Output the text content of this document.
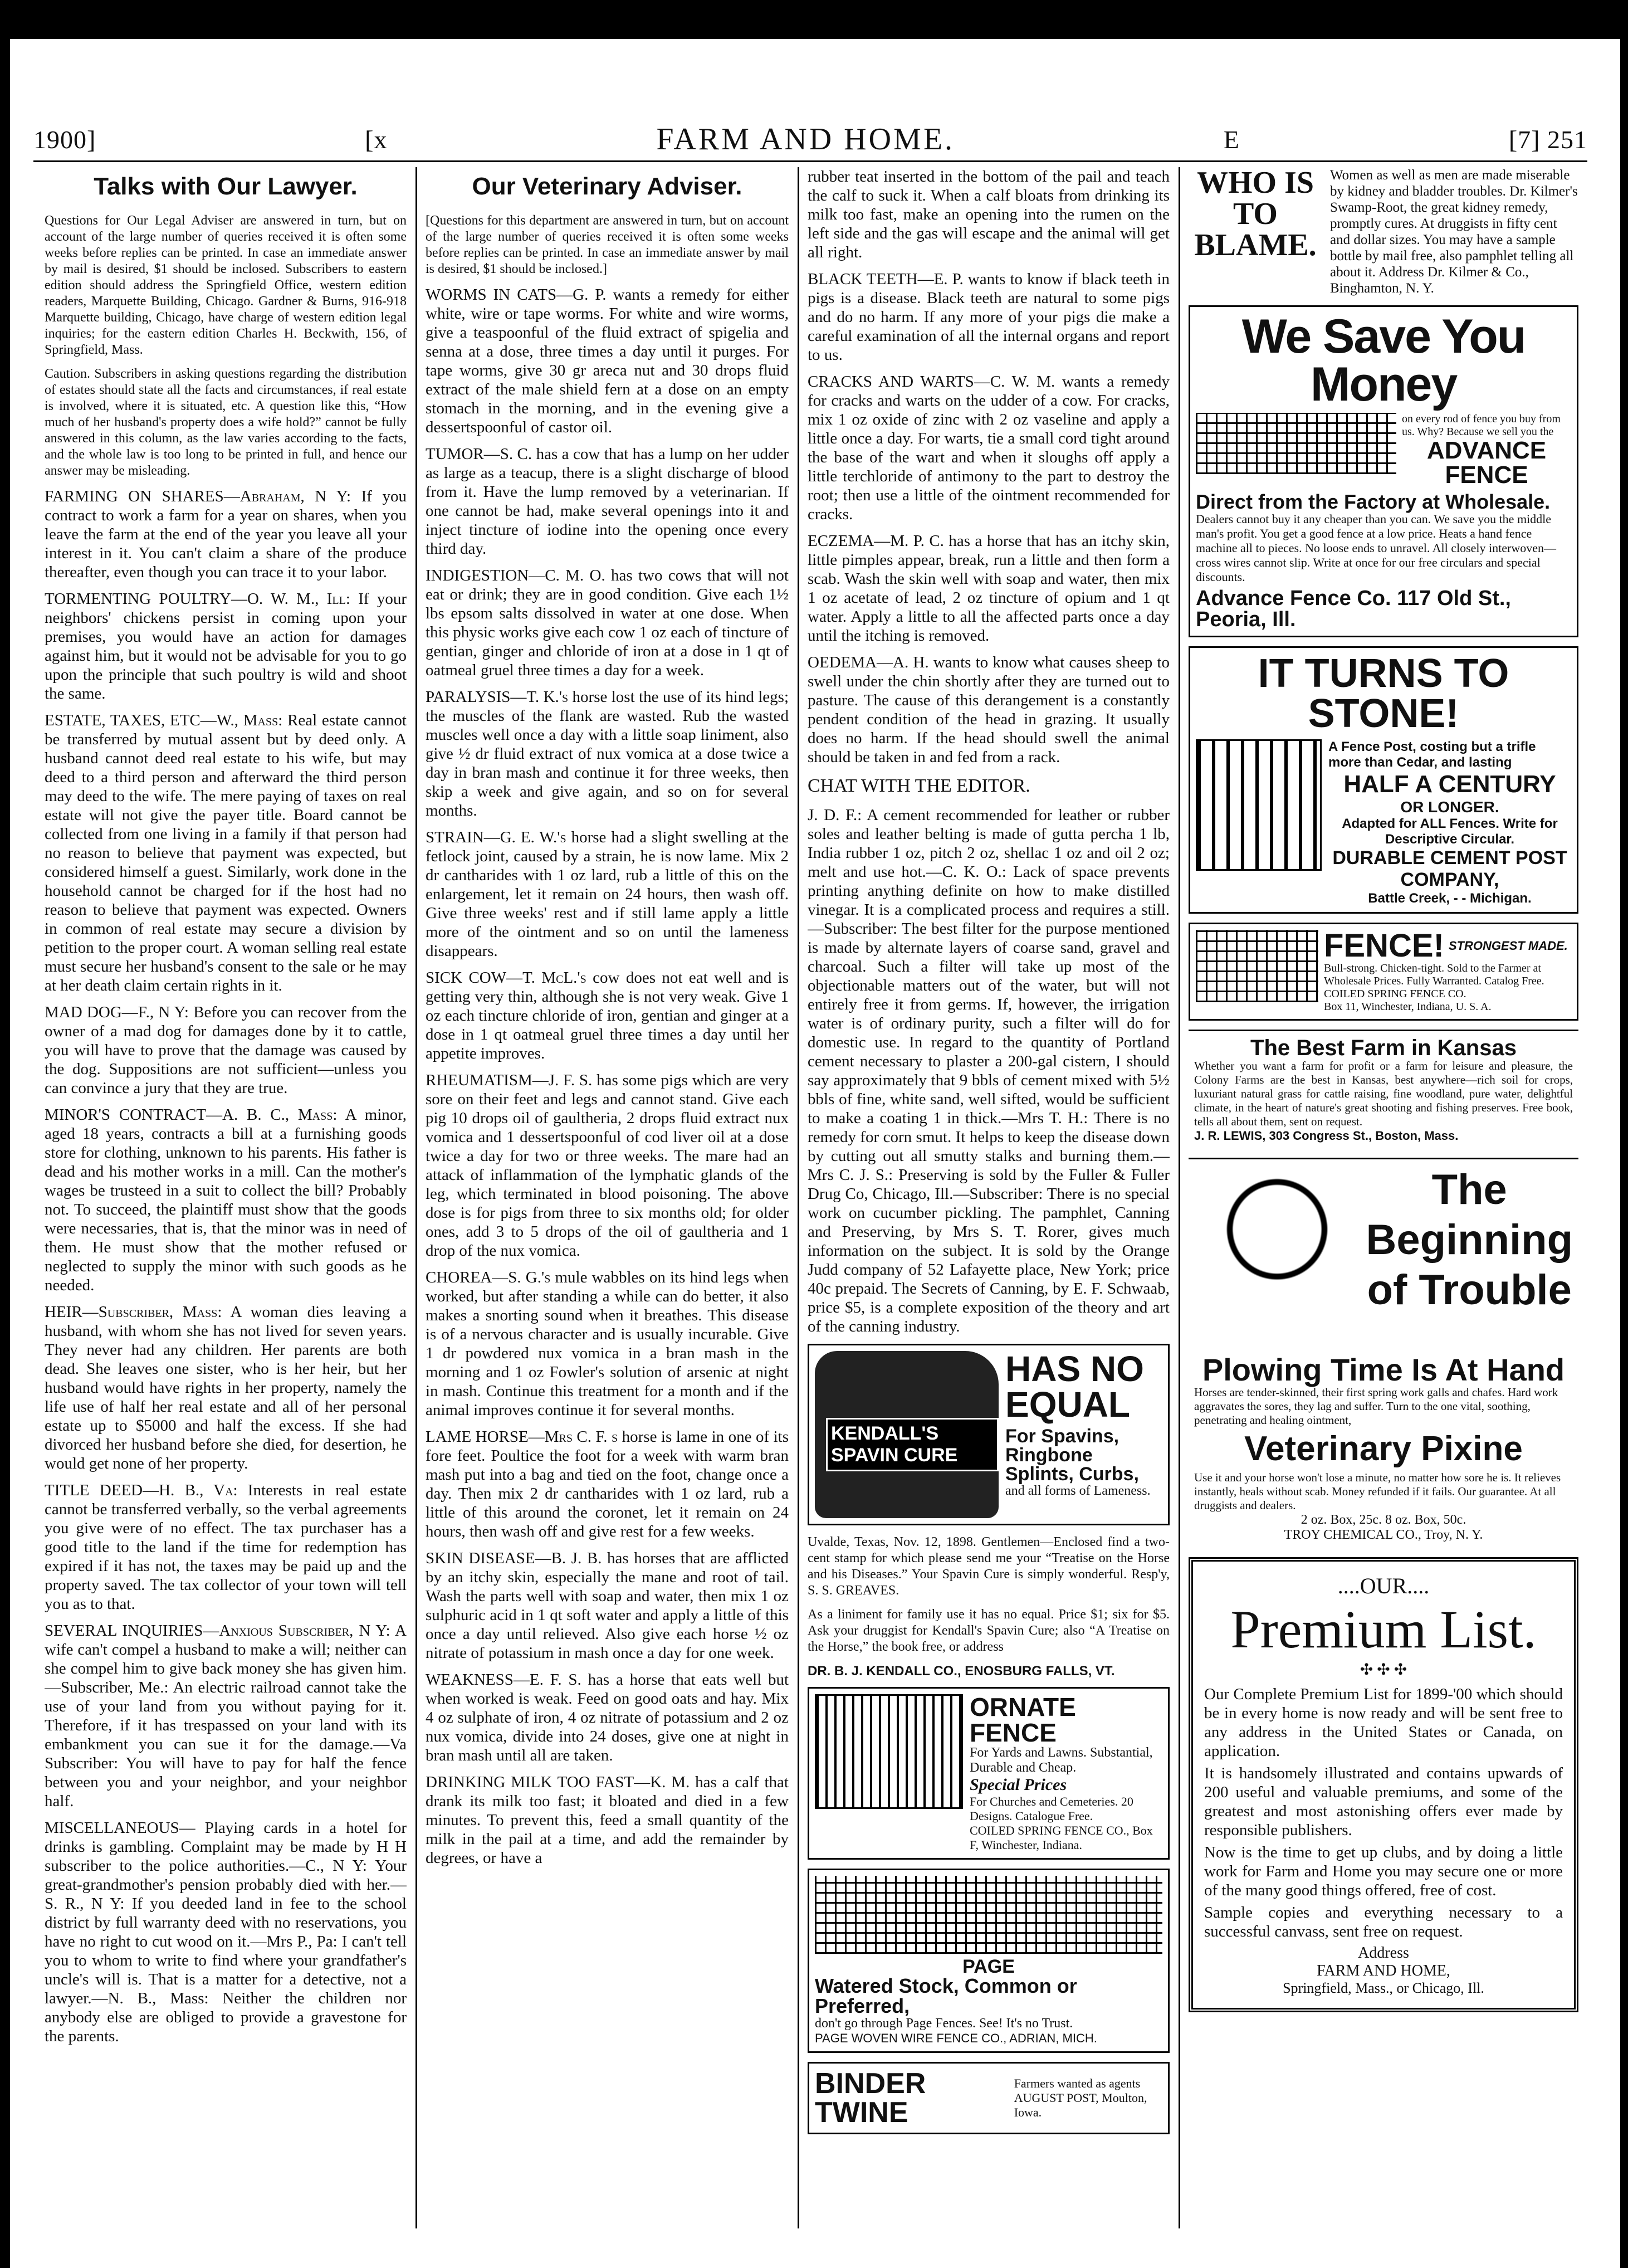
1900]	[x	FARM AND HOME.	E	[7] 251
Talks with Our Lawyer.

Questions for Our Legal Adviser are answered in turn, but on account of the large number of queries received it is often some weeks before replies can be printed. In case an immediate answer by mail is desired, $1 should be inclosed. Subscribers to eastern edition should address the Springfield Office, western edition readers, Marquette Building, Chicago. Gardner & Burns, 916-918 Marquette building, Chicago, have charge of western edition legal inquiries; for the eastern edition Charles H. Beckwith, 156, of Springfield, Mass.

Caution. Subscribers in asking questions regarding the distribution of estates should state all the facts and circumstances, if real estate is involved, where it is situated, etc. A question like this, “How much of her husband's property does a wife hold?” cannot be fully answered in this column, as the law varies according to the facts, and the whole law is too long to be printed in full, and hence our answer may be misleading.

FARMING ON SHARES—Abraham, N Y: If you contract to work a farm for a year on shares, when you leave the farm at the end of the year you leave all your interest in it. You can't claim a share of the produce thereafter, even though you can trace it to your labor.

TORMENTING POULTRY—O. W. M., Ill: If your neighbors' chickens persist in coming upon your premises, you would have an action for damages against him, but it would not be advisable for you to go upon the principle that such poultry is wild and shoot the same.

ESTATE, TAXES, ETC—W., Mass: Real estate cannot be transferred by mutual assent but by deed only. A husband cannot deed real estate to his wife, but may deed to a third person and afterward the third person may deed to the wife. The mere paying of taxes on real estate will not give the payer title. Board cannot be collected from one living in a family if that person had no reason to believe that payment was expected, but considered himself a guest. Similarly, work done in the household cannot be charged for if the host had no reason to believe that payment was expected. Owners in common of real estate may secure a division by petition to the proper court. A woman selling real estate must secure her husband's consent to the sale or he may at her death claim certain rights in it.

MAD DOG—F., N Y: Before you can recover from the owner of a mad dog for damages done by it to cattle, you will have to prove that the damage was caused by the dog. Suppositions are not sufficient—unless you can convince a jury that they are true.

MINOR'S CONTRACT—A. B. C., Mass: A minor, aged 18 years, contracts a bill at a furnishing goods store for clothing, unknown to his parents. His father is dead and his mother works in a mill. Can the mother's wages be trusteed in a suit to collect the bill? Probably not. To succeed, the plaintiff must show that the goods were necessaries, that is, that the minor was in need of them. He must show that the mother refused or neglected to supply the minor with such goods as he needed.

HEIR—Subscriber, Mass: A woman dies leaving a husband, with whom she has not lived for seven years. They never had any children. Her parents are both dead. She leaves one sister, who is her heir, but her husband would have rights in her property, namely the life use of half her real estate and all of her personal estate up to $5000 and half the excess. If she had divorced her husband before she died, for desertion, he would get none of her property.

TITLE DEED—H. B., Va: Interests in real estate cannot be transferred verbally, so the verbal agreements you give were of no effect. The tax purchaser has a good title to the land if the time for redemption has expired if it has not, the taxes may be paid up and the property saved. The tax collector of your town will tell you as to that.

SEVERAL INQUIRIES—Anxious Subscriber, N Y: A wife can't compel a husband to make a will; neither can she compel him to give back money she has given him.—Subscriber, Me.: An electric railroad cannot take the use of your land from you without paying for it. Therefore, if it has trespassed on your land with its embankment you can sue it for the damage.—Va Subscriber: You will have to pay for half the fence between you and your neighbor, and your neighbor half.

MISCELLANEOUS— Playing cards in a hotel for drinks is gambling. Complaint may be made by H H subscriber to the police authorities.—C., N Y: Your great-grandmother's pension probably died with her.—S. R., N Y: If you deeded land in fee to the school district by full warranty deed with no reservations, you have no right to cut wood on it.—Mrs P., Pa: I can't tell you to whom to write to find where your grandfather's uncle's will is. That is a matter for a detective, not a lawyer.—N. B., Mass: Neither the children nor anybody else are obliged to provide a gravestone for the parents.

Our Veterinary Adviser.

[Questions for this department are answered in turn, but on account of the large number of queries received it is often some weeks before replies can be printed. In case an immediate answer by mail is desired, $1 should be inclosed.]

WORMS IN CATS—G. P. wants a remedy for either white, wire or tape worms. For white and wire worms, give a teaspoonful of the fluid extract of spigelia and senna at a dose, three times a day until it purges. For tape worms, give 30 gr areca nut and 30 drops fluid extract of the male shield fern at a dose on an empty stomach in the morning, and in the evening give a dessertspoonful of castor oil.

TUMOR—S. C. has a cow that has a lump on her udder as large as a teacup, there is a slight discharge of blood from it. Have the lump removed by a veterinarian. If one cannot be had, make several openings into it and inject tincture of iodine into the opening once every third day.

INDIGESTION—C. M. O. has two cows that will not eat or drink; they are in good condition. Give each 1½ lbs epsom salts dissolved in water at one dose. When this physic works give each cow 1 oz each of tincture of gentian, ginger and chloride of iron at a dose in 1 qt of oatmeal gruel three times a day for a week.

PARALYSIS—T. K.'s horse lost the use of its hind legs; the muscles of the flank are wasted. Rub the wasted muscles well once a day with a little soap liniment, also give ½ dr fluid extract of nux vomica at a dose twice a day in bran mash and continue it for three weeks, then skip a week and give again, and so on for several months.

STRAIN—G. E. W.'s horse had a slight swelling at the fetlock joint, caused by a strain, he is now lame. Mix 2 dr cantharides with 1 oz lard, rub a little of this on the enlargement, let it remain on 24 hours, then wash off. Give three weeks' rest and if still lame apply a little more of the ointment and so on until the lameness disappears.

SICK COW—T. McL.'s cow does not eat well and is getting very thin, although she is not very weak. Give 1 oz each tincture chloride of iron, gentian and ginger at a dose in 1 qt oatmeal gruel three times a day until her appetite improves.

RHEUMATISM—J. F. S. has some pigs which are very sore on their feet and legs and cannot stand. Give each pig 10 drops oil of gaultheria, 2 drops fluid extract nux vomica and 1 dessertspoonful of cod liver oil at a dose twice a day for two or three weeks. The mare had an attack of inflammation of the lymphatic glands of the leg, which terminated in blood poisoning. The above dose is for pigs from three to six months old; for older ones, add 3 to 5 drops of the oil of gaultheria and 1 drop of the nux vomica.

CHOREA—S. G.'s mule wabbles on its hind legs when worked, but after standing a while can do better, it also makes a snorting sound when it breathes. This disease is of a nervous character and is usually incurable. Give 1 dr powdered nux vomica in a bran mash in the morning and 1 oz Fowler's solution of arsenic at night in mash. Continue this treatment for a month and if the animal improves continue it for several months.

LAME HORSE—Mrs C. F. s horse is lame in one of its fore feet. Poultice the foot for a week with warm bran mash put into a bag and tied on the foot, change once a day. Then mix 2 dr cantharides with 1 oz lard, rub a little of this around the coronet, let it remain on 24 hours, then wash off and give rest for a few weeks.

SKIN DISEASE—B. J. B. has horses that are afflicted by an itchy skin, especially the mane and root of tail. Wash the parts well with soap and water, then mix 1 oz sulphuric acid in 1 qt soft water and apply a little of this once a day until relieved. Also give each horse ½ oz nitrate of potassium in mash once a day for one week.

WEAKNESS—E. F. S. has a horse that eats well but when worked is weak. Feed on good oats and hay. Mix 4 oz sulphate of iron, 4 oz nitrate of potassium and 2 oz nux vomica, divide into 24 doses, give one at night in bran mash until all are taken.

DRINKING MILK TOO FAST—K. M. has a calf that drank its milk too fast; it bloated and died in a few minutes. To prevent this, feed a small quantity of the milk in the pail at a time, and add the remainder by degrees, or have a

rubber teat inserted in the bottom of the pail and teach the calf to suck it. When a calf bloats from drinking its milk too fast, make an opening into the rumen on the left side and the gas will escape and the animal will get all right.

BLACK TEETH—E. P. wants to know if black teeth in pigs is a disease. Black teeth are natural to some pigs and do no harm. If any more of your pigs die make a careful examination of all the internal organs and report to us.

CRACKS AND WARTS—C. W. M. wants a remedy for cracks and warts on the udder of a cow. For cracks, mix 1 oz oxide of zinc with 2 oz vaseline and apply a little once a day. For warts, tie a small cord tight around the base of the wart and when it sloughs off apply a little terchloride of antimony to the part to destroy the root; then use a little of the ointment recommended for cracks.

ECZEMA—M. P. C. has a horse that has an itchy skin, little pimples appear, break, run a little and then form a scab. Wash the skin well with soap and water, then mix 1 oz acetate of lead, 2 oz tincture of opium and 1 qt water. Apply a little to all the affected parts once a day until the itching is removed.

OEDEMA—A. H. wants to know what causes sheep to swell under the chin shortly after they are turned out to pasture. The cause of this derangement is a constantly pendent condition of the head in grazing. It usually does no harm. If the head should swell the animal should be taken in and fed from a rack.

CHAT WITH THE EDITOR.

J. D. F.: A cement recommended for leather or rubber soles and leather belting is made of gutta percha 1 lb, India rubber 1 oz, pitch 2 oz, shellac 1 oz and oil 2 oz; melt and use hot.—C. K. O.: Lack of space prevents printing anything definite on how to make distilled vinegar. It is a complicated process and requires a still.—Subscriber: The best filter for the purpose mentioned is made by alternate layers of coarse sand, gravel and charcoal. Such a filter will take up most of the objectionable matters out of the water, but will not entirely free it from germs. If, however, the irrigation water is of ordinary purity, such a filter will do for domestic use. In regard to the quantity of Portland cement necessary to plaster a 200-gal cistern, I should say approximately that 9 bbls of cement mixed with 5½ bbls of fine, white sand, well sifted, would be sufficient to make a coating 1 in thick.—Mrs T. H.: There is no remedy for corn smut. It helps to keep the disease down by cutting out all smutty stalks and burning them.—Mrs C. J. S.: Preserving is sold by the Fuller & Fuller Drug Co, Chicago, Ill.—Subscriber: There is no special work on cucumber pickling. The pamphlet, Canning and Preserving, by Mrs S. T. Rorer, gives much information on the subject. It is sold by the Orange Judd company of 52 Lafayette place, New York; price 40c prepaid. The Secrets of Canning, by E. F. Schwaab, price $5, is a complete exposition of the theory and art of the canning industry.

KENDALL'S SPAVIN CURE
HAS NO EQUAL
For Spavins, Ringbone Splints, Curbs,
and all forms of Lameness.

Uvalde, Texas, Nov. 12, 1898. Gentlemen—Enclosed find a two-cent stamp for which please send me your “Treatise on the Horse and his Diseases.” Your Spavin Cure is simply wonderful. Resp'y, S. S. GREAVES.

As a liniment for family use it has no equal. Price $1; six for $5. Ask your druggist for Kendall's Spavin Cure; also “A Treatise on the Horse,” the book free, or address

DR. B. J. KENDALL CO., ENOSBURG FALLS, VT.

ORNATE FENCE
For Yards and Lawns. Substantial, Durable and Cheap.
Special Prices
For Churches and Cemeteries. 20 Designs. Catalogue Free.
COILED SPRING FENCE CO., Box F, Winchester, Indiana.
PAGE
Watered Stock, Common or Preferred,
don't go through Page Fences. See! It's no Trust.
PAGE WOVEN WIRE FENCE CO., ADRIAN, MICH.
BINDER TWINE
Farmers wanted as agents
AUGUST POST, Moulton, Iowa.
WHO IS TO BLAME.
Women as well as men are made miserable by kidney and bladder troubles. Dr. Kilmer's Swamp-Root, the great kidney remedy, promptly cures. At druggists in fifty cent and dollar sizes. You may have a sample bottle by mail free, also pamphlet telling all about it. Address Dr. Kilmer & Co., Binghamton, N. Y.
We Save You Money
on every rod of fence you buy from us. Why? Because we sell you the
ADVANCE FENCE
Direct from the Factory at Wholesale.
Dealers cannot buy it any cheaper than you can. We save you the middle man's profit. You get a good fence at a low price. Heats a hand fence machine all to pieces. No loose ends to unravel. All closely interwoven—cross wires cannot slip. Write at once for our free circulars and special discounts.
Advance Fence Co. 117 Old St., Peoria, Ill.
IT TURNS TO STONE!
A Fence Post, costing but a trifle more than Cedar, and lasting
HALF A CENTURY
OR LONGER.
Adapted for ALL Fences. Write for Descriptive Circular.
DURABLE CEMENT POST COMPANY,
Battle Creek, - - Michigan.
FENCE! STRONGEST MADE.
Bull-strong. Chicken-tight. Sold to the Farmer at Wholesale Prices. Fully Warranted. Catalog Free.
COILED SPRING FENCE CO.
Box 11, Winchester, Indiana, U. S. A.
The Best Farm in Kansas
Whether you want a farm for profit or a farm for leisure and pleasure, the Colony Farms are the best in Kansas, best anywhere—rich soil for crops, luxuriant natural grass for cattle raising, fine woodland, pure water, delightful climate, in the heart of nature's great shooting and fishing preserves. Free book, tells all about them, sent on request.
J. R. LEWIS, 303 Congress St., Boston, Mass.
The
Beginning
of Trouble
Plowing Time Is At Hand
Horses are tender-skinned, their first spring work galls and chafes. Hard work aggravates the sores, they lag and suffer. Turn to the one vital, soothing, penetrating and healing ointment,
Veterinary Pixine
Use it and your horse won't lose a minute, no matter how sore he is. It relieves instantly, heals without scab. Money refunded if it fails. Our guarantee. At all druggists and dealers.
2 oz. Box, 25c. 8 oz. Box, 50c.
TROY CHEMICAL CO., Troy, N. Y.
....OUR....
Premium List.
✣ ✣ ✣

Our Complete Premium List for 1899-'00 which should be in every home is now ready and will be sent free to any address in the United States or Canada, on application.

It is handsomely illustrated and contains upwards of 200 useful and valuable premiums, and some of the greatest and most astonishing offers ever made by responsible publishers.

Now is the time to get up clubs, and by doing a little work for Farm and Home you may secure one or more of the many good things offered, free of cost.

Sample copies and everything necessary to a successful canvass, sent free on request.

Address
FARM AND HOME,
Springfield, Mass., or Chicago, Ill.
